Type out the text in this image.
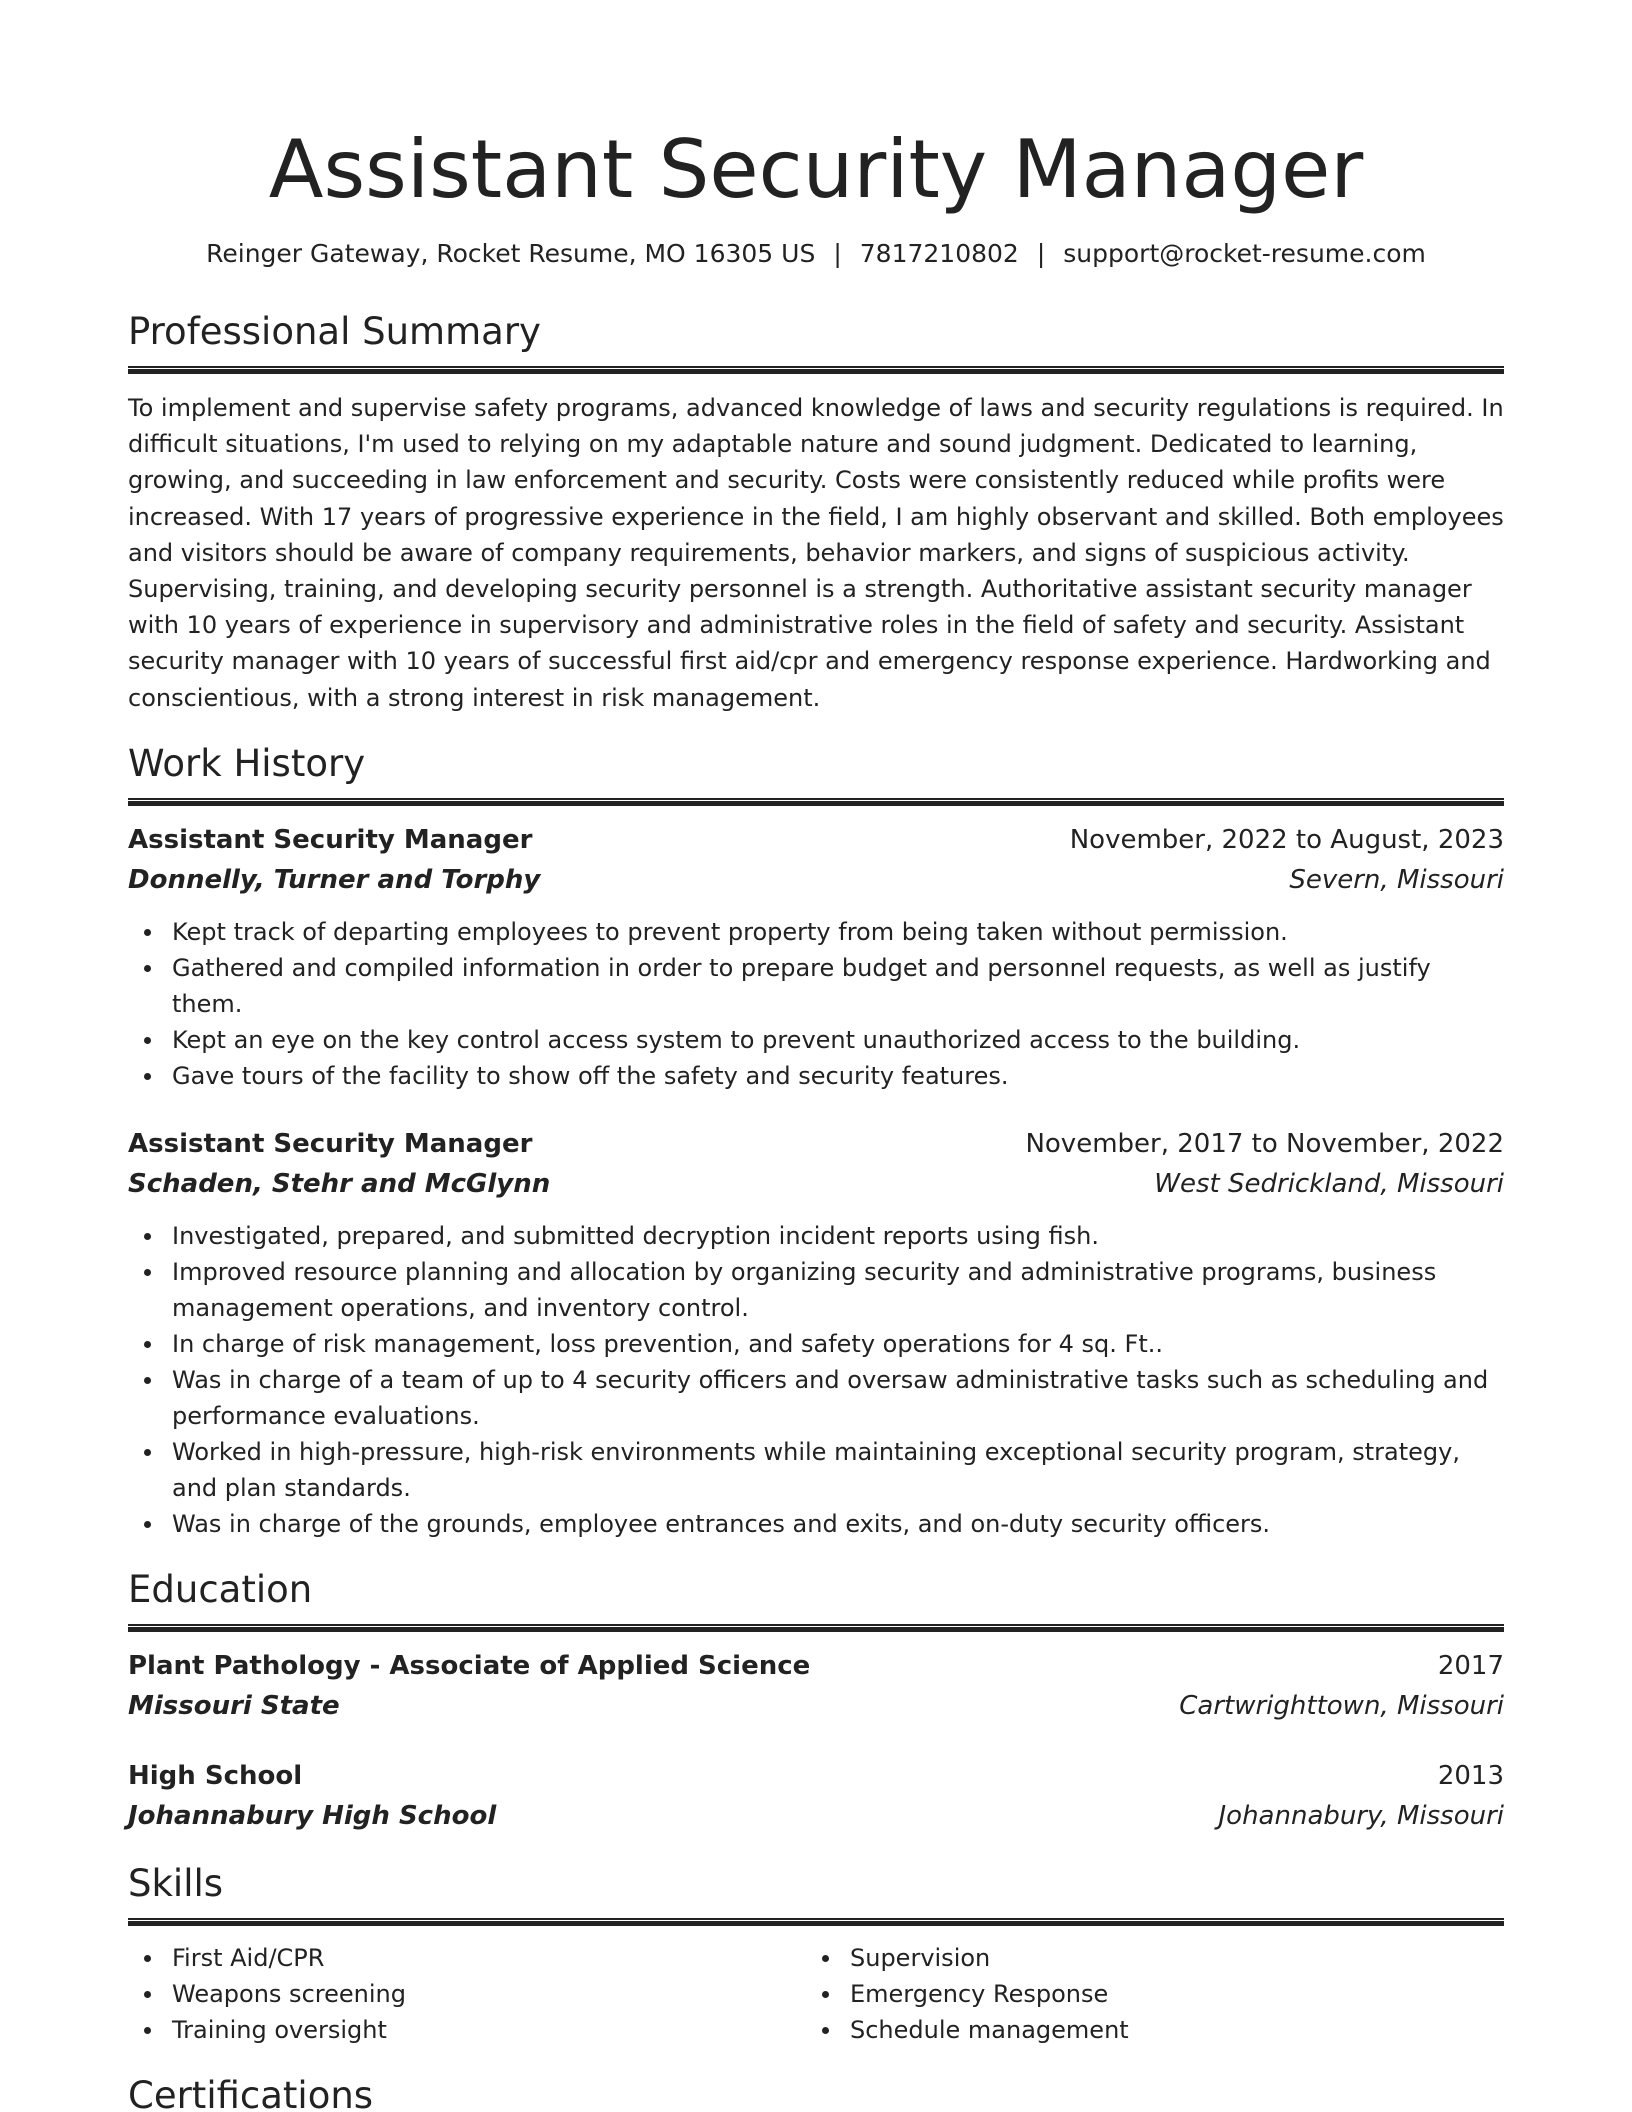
Assistant Security Manager
Reinger Gateway, Rocket Resume, MO 16305 US | 7817210802 | support@rocket-resume.com
Professional Summary

To implement and supervise safety programs, advanced knowledge of laws and security regulations is required. In difficult situations, I'm used to relying on my adaptable nature and sound judgment. Dedicated to learning, growing, and succeeding in law enforcement and security. Costs were consistently reduced while profits were increased. With 17 years of progressive experience in the field, I am highly observant and skilled. Both employees and visitors should be aware of company requirements, behavior markers, and signs of suspicious activity. Supervising, training, and developing security personnel is a strength. Authoritative assistant security manager with 10 years of experience in supervisory and administrative roles in the field of safety and security. Assistant security manager with 10 years of successful first aid/cpr and emergency response experience. Hardworking and conscientious, with a strong interest in risk management.

Work History
Assistant Security Manager	November, 2022 to August, 2023
Donnelly, Turner and Torphy	Severn, Missouri
Kept track of departing employees to prevent property from being taken without permission.
Gathered and compiled information in order to prepare budget and personnel requests, as well as justify them.
Kept an eye on the key control access system to prevent unauthorized access to the building.
Gave tours of the facility to show off the safety and security features.
Assistant Security Manager	November, 2017 to November, 2022
Schaden, Stehr and McGlynn	West Sedrickland, Missouri
Investigated, prepared, and submitted decryption incident reports using fish.
Improved resource planning and allocation by organizing security and administrative programs, business management operations, and inventory control.
In charge of risk management, loss prevention, and safety operations for 4 sq. Ft..
Was in charge of a team of up to 4 security officers and oversaw administrative tasks such as scheduling and performance evaluations.
Worked in high-pressure, high-risk environments while maintaining exceptional security program, strategy, and plan standards.
Was in charge of the grounds, employee entrances and exits, and on-duty security officers.
Education
Plant Pathology - Associate of Applied Science	2017
Missouri State	Cartwrighttown, Missouri
High School	2013
Johannabury High School	Johannabury, Missouri
Skills
First Aid/CPR
Weapons screening
Training oversight
Supervision
Emergency Response
Schedule management
Certifications
